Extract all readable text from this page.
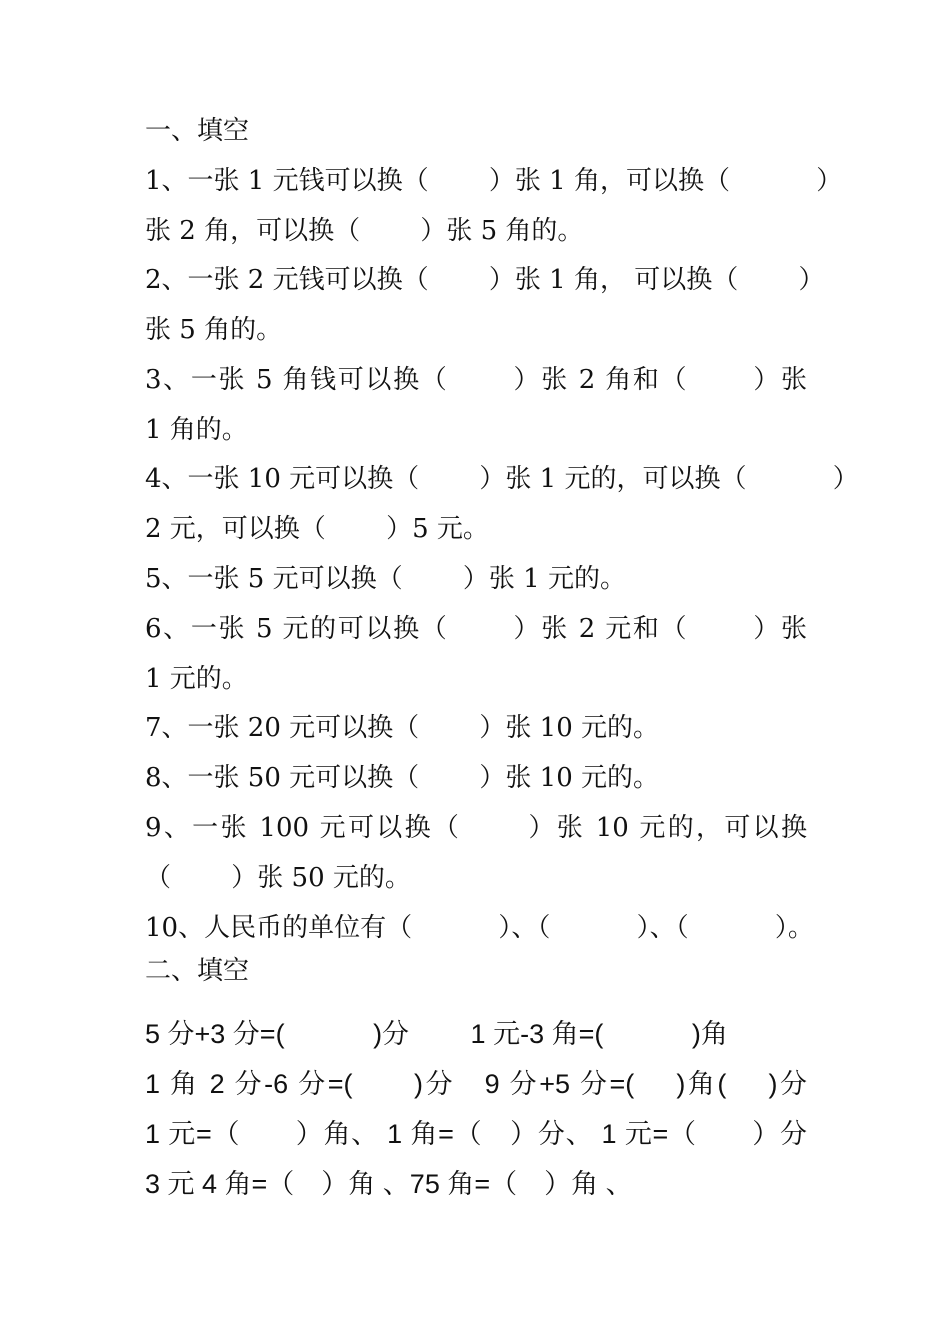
一、填空

1、一张 1 元钱可以换（　　 ）张 1 角，可以换（　　　 ）

张 2 角，可以换（　　 ）张 5 角的。

2、一张 2 元钱可以换（　　 ）张 1 角， 可以换（　　 ）

张 5 角的。

3、一张 5 角钱可以换（　　 ）张 2 角和（　　 ）张

1 角的。

4、一张 10 元可以换（　　 ）张 1 元的，可以换（　　　 ）

2 元，可以换（　　 ）5 元。

5、一张 5 元可以换（　　 ）张 1 元的。

6、一张 5 元的可以换（　　 ）张 2 元和（　　 ）张

1 元的。

7、一张 20 元可以换（　　 ）张 10 元的。

8、一张 50 元可以换（　　 ）张 10 元的。

9、一张 100 元可以换（　　 ）张 10 元的，可以换

（　　 ）张 50 元的。

10、人民币的单位有（　　　 ）、（　　　 ）、（　　　 ）。

二、填空

5 分+3 分=(　　　 )分　　 1 元-3 角=(　　　 )角

1 角 2 分-6 分=(　　)分　9 分+5 分=(　 )角(　 )分

1 元=（　　）角、 1 角=（　）分、 1 元=（　　）分

3 元 4 角=（　）角 、75 角=（　）角 、
